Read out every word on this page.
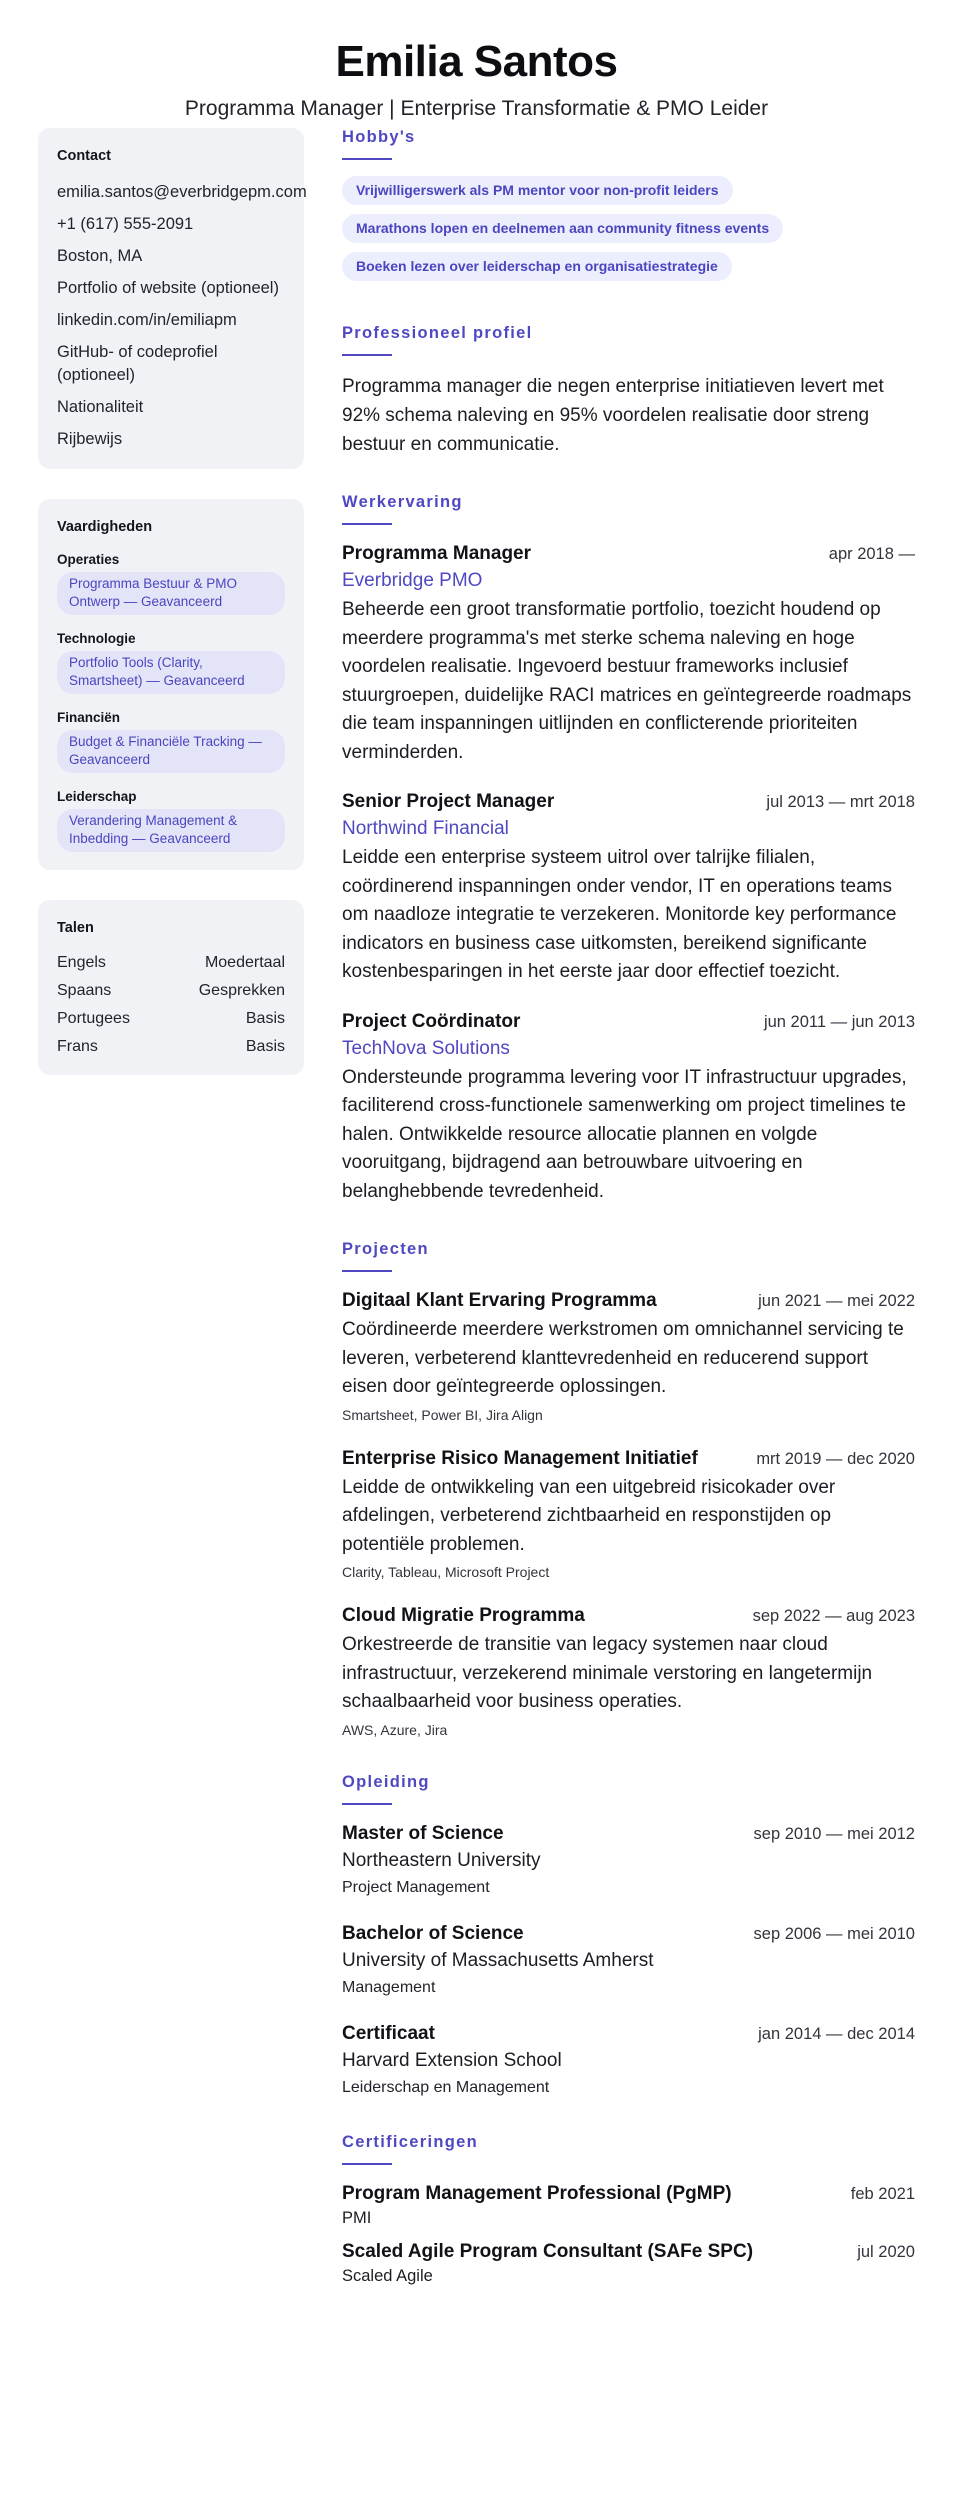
Emilia Santos
Programma Manager | Enterprise Transformatie & PMO Leider
Contact
emilia.santos@everbridgepm.com
+1 (617) 555-2091
Boston, MA
Portfolio of website (optioneel)
linkedin.com/in/emiliapm
GitHub- of codeprofiel (optioneel)
Nationaliteit
Rijbewijs
Vaardigheden
Operaties
Programma Bestuur & PMO Ontwerp — Geavanceerd
Technologie
Portfolio Tools (Clarity, Smartsheet) — Geavanceerd
Financiën
Budget & Financiële Tracking — Geavanceerd
Leiderschap
Verandering Management & Inbedding — Geavanceerd
Talen
Engels	Moedertaal
Spaans	Gesprekken
Portugees	Basis
Frans	Basis
Hobby's
Vrijwilligerswerk als PM mentor voor non-profit leiders
Marathons lopen en deelnemen aan community fitness events
Boeken lezen over leiderschap en organisatiestrategie
Professioneel profiel

Programma manager die negen enterprise initiatieven levert met 92% schema naleving en 95% voordelen realisatie door streng bestuur en communicatie.

Werkervaring
Programma Manager	apr 2018 —
Everbridge PMO

Beheerde een groot transformatie portfolio, toezicht houdend op meerdere programma's met sterke schema naleving en hoge voordelen realisatie. Ingevoerd bestuur frameworks inclusief stuurgroepen, duidelijke RACI matrices en geïntegreerde roadmaps die team inspanningen uitlijnden en conflicterende prioriteiten verminderden.

Senior Project Manager	jul 2013 — mrt 2018
Northwind Financial

Leidde een enterprise systeem uitrol over talrijke filialen, coördinerend inspanningen onder vendor, IT en operations teams om naadloze integratie te verzekeren. Monitorde key performance indicators en business case uitkomsten, bereikend significante kostenbesparingen in het eerste jaar door effectief toezicht.

Project Coördinator	jun 2011 — jun 2013
TechNova Solutions

Ondersteunde programma levering voor IT infrastructuur upgrades, faciliterend cross-functionele samenwerking om project timelines te halen. Ontwikkelde resource allocatie plannen en volgde vooruitgang, bijdragend aan betrouwbare uitvoering en belanghebbende tevredenheid.

Projecten
Digitaal Klant Ervaring Programma	jun 2021 — mei 2022

Coördineerde meerdere werkstromen om omnichannel servicing te leveren, verbeterend klanttevredenheid en reducerend support eisen door geïntegreerde oplossingen.

Smartsheet, Power BI, Jira Align
Enterprise Risico Management Initiatief	mrt 2019 — dec 2020

Leidde de ontwikkeling van een uitgebreid risicokader over afdelingen, verbeterend zichtbaarheid en responstijden op potentiële problemen.

Clarity, Tableau, Microsoft Project
Cloud Migratie Programma	sep 2022 — aug 2023

Orkestreerde de transitie van legacy systemen naar cloud infrastructuur, verzekerend minimale verstoring en langetermijn schaalbaarheid voor business operaties.

AWS, Azure, Jira
Opleiding
Master of Science	sep 2010 — mei 2012
Northeastern University
Project Management
Bachelor of Science	sep 2006 — mei 2010
University of Massachusetts Amherst
Management
Certificaat	jan 2014 — dec 2014
Harvard Extension School
Leiderschap en Management
Certificeringen
Program Management Professional (PgMP)	feb 2021
PMI
Scaled Agile Program Consultant (SAFe SPC)	jul 2020
Scaled Agile
